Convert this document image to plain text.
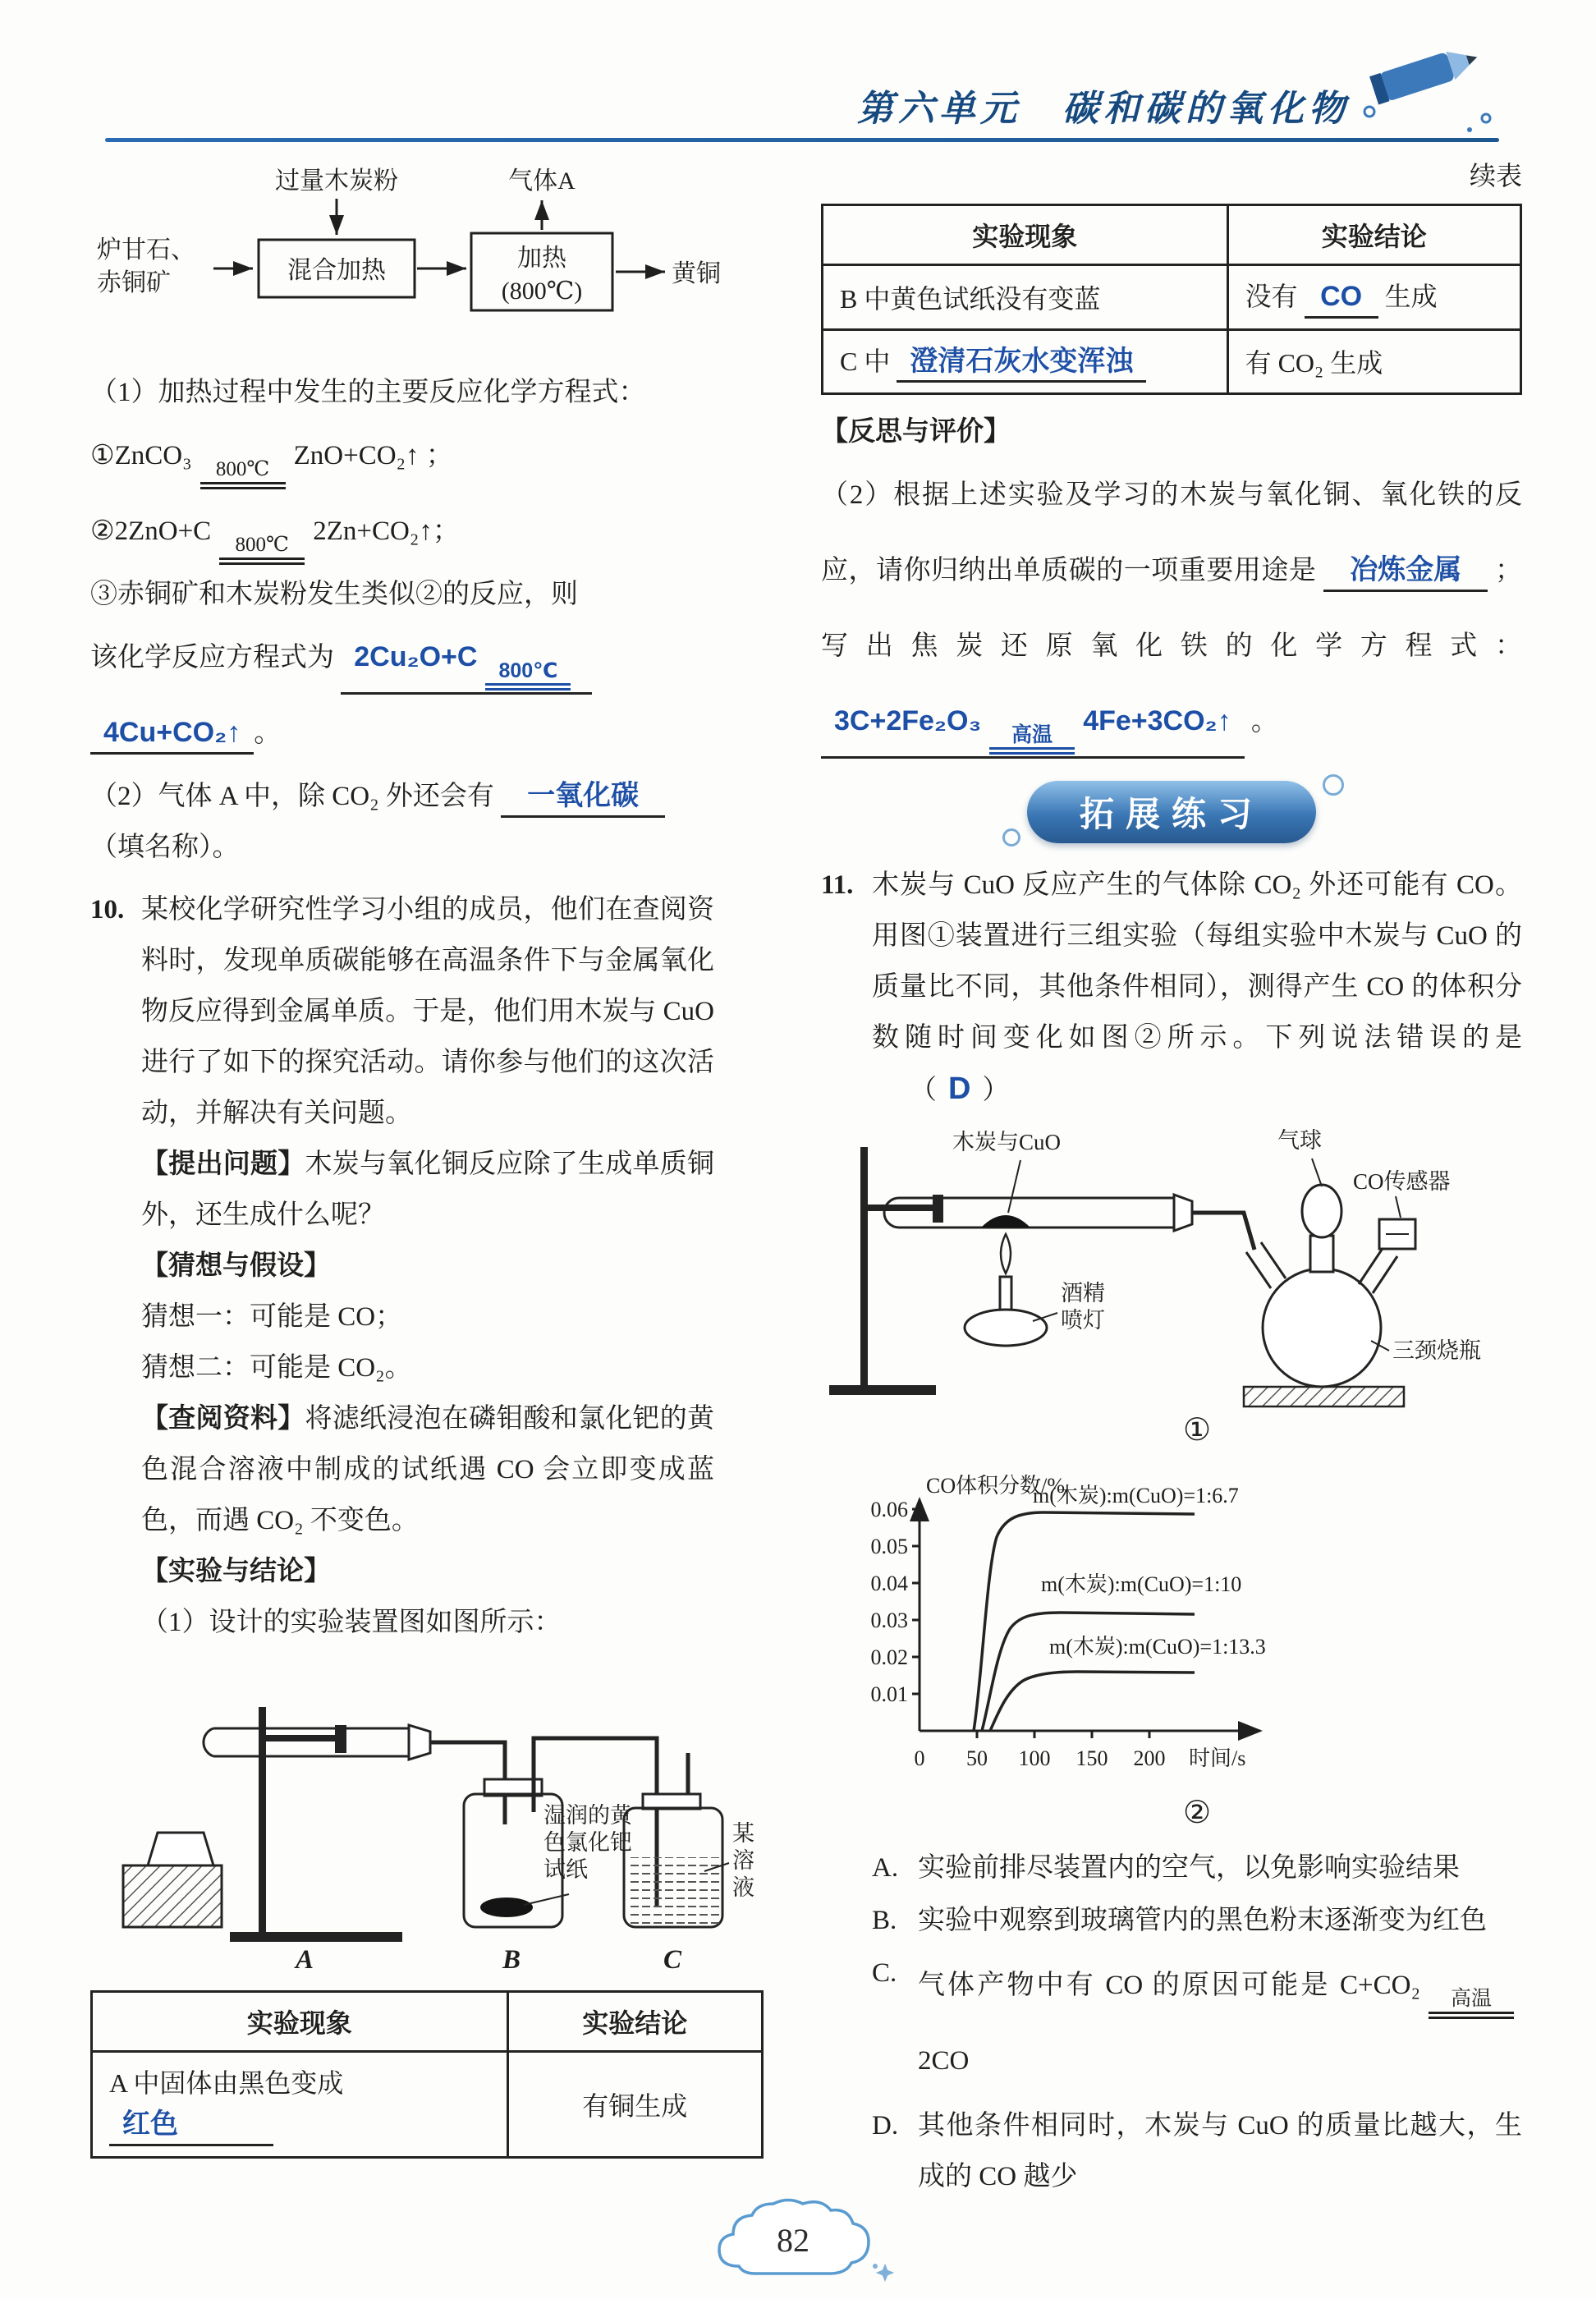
第六单元　碳和碳的氧化物
过量木炭粉
炉甘石、
赤铜矿	混合加热	加热
(800℃)
气体A
黄铜

（1）加热过程中发生的主要反应化学方程式：

①ZnCO₃	800℃ ZnO+CO₂↑ ；

②2ZnO+C	800℃ 2Zn+CO₂↑；

③赤铜矿和木炭粉发生类似②的反应，则

该化学反应方程式为 2Cu₂O+C	800℃

4Cu+CO₂↑ 。

（2）气体 A 中，除 CO₂ 外还会有 一氧化碳

（填名称）。

10. 某校化学研究性学习小组的成员，他们在查阅资料时，发现单质碳能够在高温条件下与金属氧化物反应得到金属单质。于是，他们用木炭与 CuO 进行了如下的探究活动。请你参与他们的这次活动，并解决有关问题。

【提出问题】木炭与氧化铜反应除了生成单质铜外，还生成什么呢？

【猜想与假设】

猜想一：可能是 CO；

猜想二：可能是 CO₂。

【查阅资料】将滤纸浸泡在磷钼酸和氯化钯的黄色混合溶液中制成的试纸遇 CO 会立即变成蓝色，而遇 CO₂ 不变色。

【实验与结论】

（1）设计的实验装置图如图所示：

湿润的黄色氯化钯试纸
某溶液
A	B	C
实验现象	实验结论

A 中固体由黑色变成
红色	有铜生成
续表
实验现象	实验结论
B 中黄色试纸没有变蓝	没有 CO 生成
C 中 澄清石灰水变浑浊	有 CO₂ 生成

【反思与评价】

（2）根据上述实验及学习的木炭与氧化铜、氧化铁的反应，请你归纳出单质碳的一项重要用途是 冶炼金属 ；写出焦炭还原氧化铁的化学方程式： 3C+2Fe₂O₃	高温 4Fe+3CO₂↑ 。

拓展练习
11. 木炭与 CuO 反应产生的气体除 CO₂ 外还可能有 CO。用图①装置进行三组实验（每组实验中木炭与 CuO 的质量比不同，其他条件相同），测得产生 CO 的体积分数随时间变化如图②所示。下列说法错误的是 （ D ）

木炭与CuO	气球
CO传感器
酒精喷灯
三颈烧瓶
①
0.06
0.05
0.04
0.03
0.02
0.01
0 50 100 150 200 时间/s
CO体积分数/%
m(木炭):m(CuO)=1:6.7
m(木炭):m(CuO)=1:10
m(木炭):m(CuO)=1:13.3
②
A. 实验前排尽装置内的空气，以免影响实验结果

B. 实验中观察到玻璃管内的黑色粉末逐渐变为红色

C. 气体产物中有 CO 的原因可能是 C+CO₂	高温
2CO

D. 其他条件相同时，木炭与 CuO 的质量比越大，生成的 CO 越少

82
